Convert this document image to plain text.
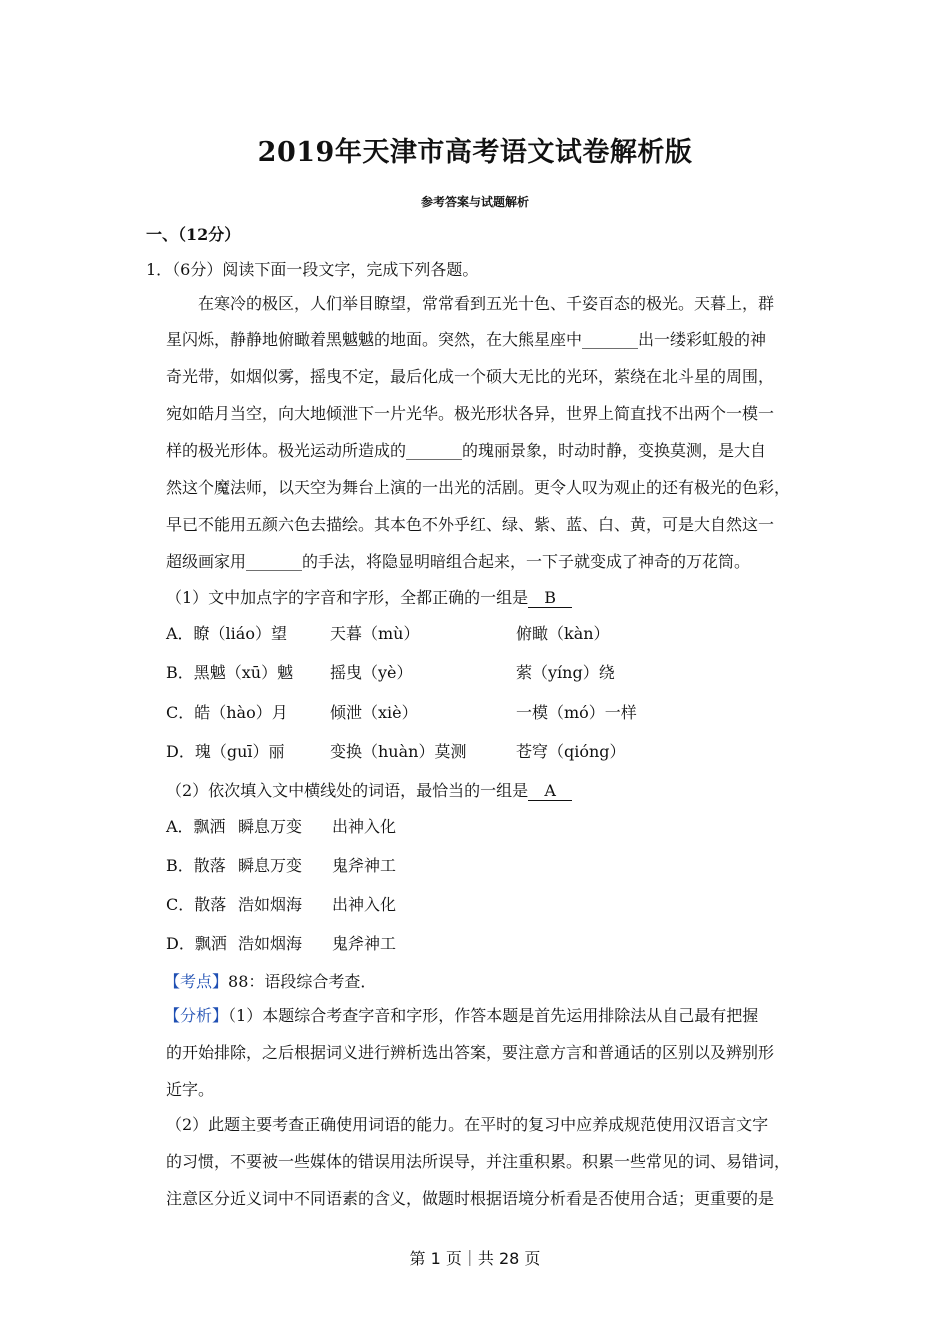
2019年天津市高考语文试卷解析版
参考答案与试题解析
一、（12分）
1．（6分）阅读下面一段文字，完成下列各题。
在寒冷的极区，人们举目瞭望，常常看到五光十色、千姿百态的极光。天暮上，群
星闪烁，静静地俯瞰着黑魆魆的地面。突然，在大熊星座中_______出一缕彩虹般的神
奇光带，如烟似雾，摇曳不定，最后化成一个硕大无比的光环，萦绕在北斗星的周围，
宛如皓月当空，向大地倾泄下一片光华。极光形状各异，世界上简直找不出两个一模一
样的极光形体。极光运动所造成的_______的瑰丽景象，时动时静，变换莫测，是大自
然这个魔法师，以天空为舞台上演的一出光的活剧。更令人叹为观止的还有极光的色彩，
早已不能用五颜六色去描绘。其本色不外乎红、绿、紫、蓝、白、黄，可是大自然这一
超级画家用_______的手法，将隐显明暗组合起来，一下子就变成了神奇的万花筒。
（1）文中加点字的字音和字形，全都正确的一组是 B
A．瞭（liáo）望	天暮（mù）	俯瞰（kàn）
B．黑魆（xū）魆 摇曳（yè）	萦（yíng）绕
C．皓（hào）月	倾泄（xiè）	一模（mó）一样
D．瑰（guī）丽	变换（huàn）莫测	苍穹（qióng）
（2）依次填入文中横线处的词语，最恰当的一组是 A
A．飘洒 瞬息万变 出神入化
B．散落 瞬息万变 鬼斧神工
C．散落 浩如烟海 出神入化
D．飘洒 浩如烟海 鬼斧神工
【考点】88：语段综合考查．
【分析】（1）本题综合考查字音和字形，作答本题是首先运用排除法从自己最有把握
的开始排除，之后根据词义进行辨析选出答案，要注意方言和普通话的区别以及辨别形
近字。
（2）此题主要考查正确使用词语的能力。在平时的复习中应养成规范使用汉语言文字
的习惯，不要被一些媒体的错误用法所误导，并注重积累。积累一些常见的词、易错词，
注意区分近义词中不同语素的含义，做题时根据语境分析看是否使用合适；更重要的是
第 1 页｜共 28 页
